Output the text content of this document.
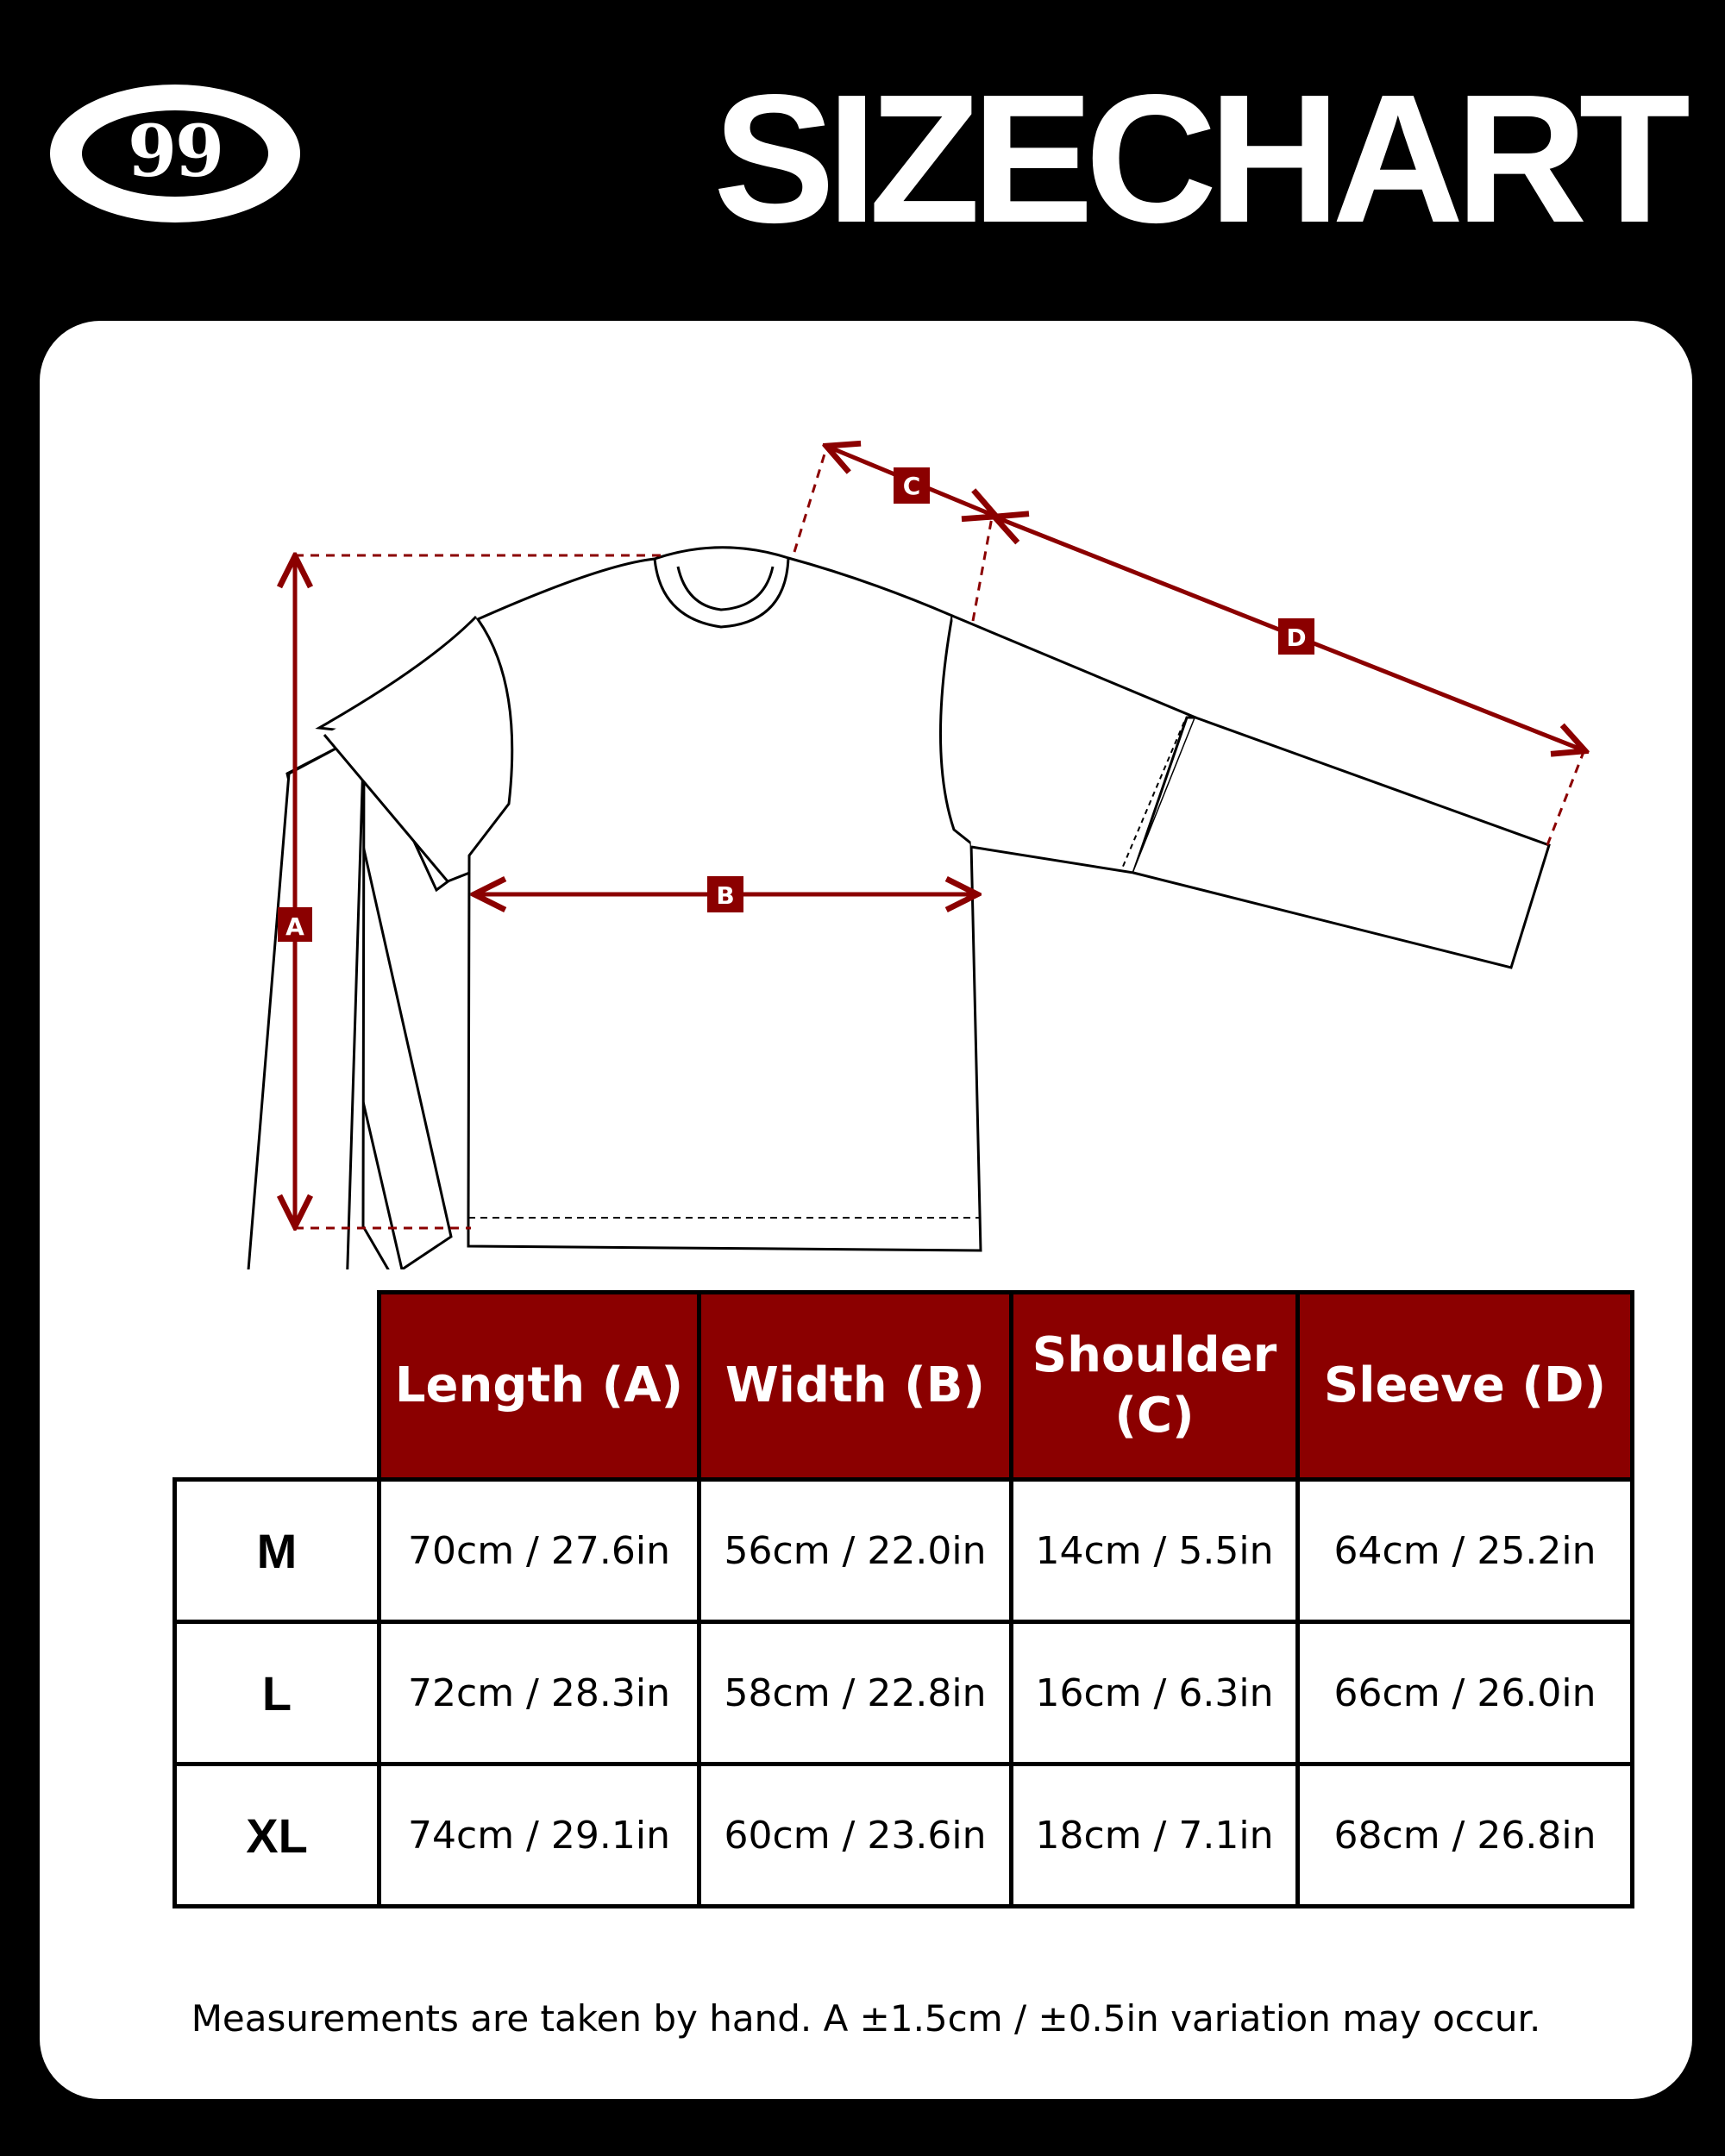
99	SIZECHART
A
B
C
D
	Length (A)	Width (B)	Shoulder (C)	Sleeve (D)
M	70cm / 27.6in	56cm / 22.0in	14cm / 5.5in	64cm / 25.2in
L	72cm / 28.3in	58cm / 22.8in	16cm / 6.3in	66cm / 26.0in
XL	74cm / 29.1in	60cm / 23.6in	18cm / 7.1in	68cm / 26.8in
Measurements are taken by hand. A ±1.5cm / ±0.5in variation may occur.
